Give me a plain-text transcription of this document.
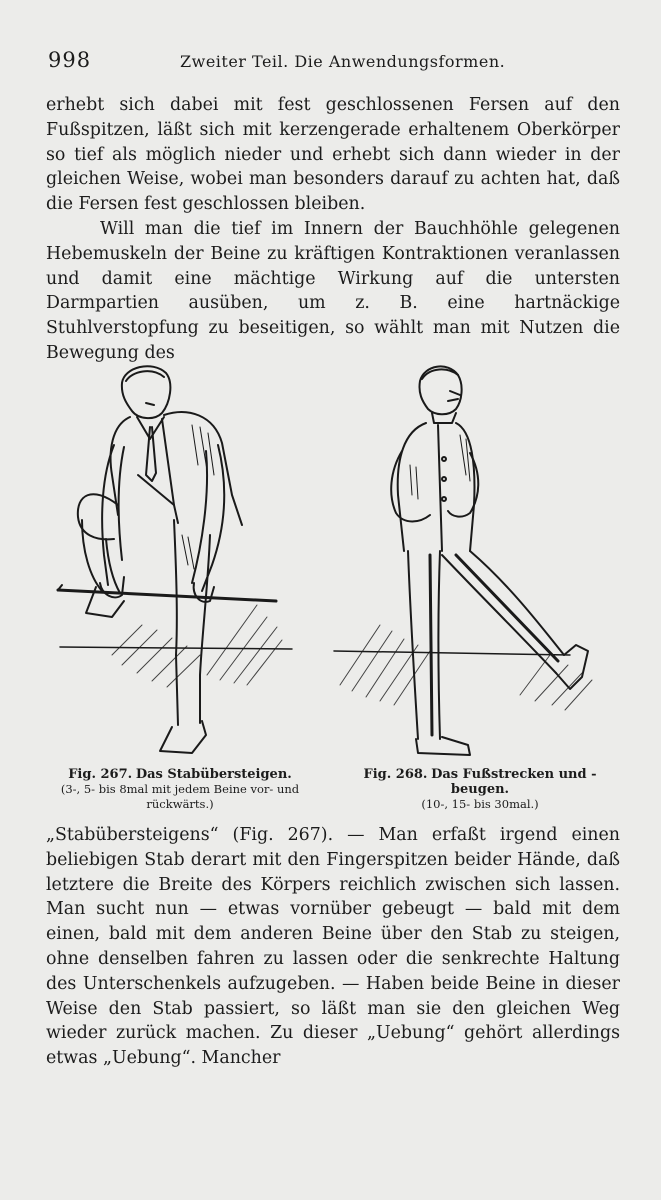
998	Zweiter Teil. Die Anwendungsformen.
erhebt sich dabei mit fest geschlossenen Fersen auf den Fußspitzen, läßt sich mit kerzengerade erhaltenem Oberkörper so tief als möglich nieder und erhebt sich dann wieder in der gleichen Weise, wobei man besonders darauf zu achten hat, daß die Fersen fest geschlossen bleiben.
Will man die tief im Innern der Bauchhöhle gelegenen Hebemuskeln der Beine zu kräftigen Kontraktionen veranlassen und damit eine mächtige Wirkung auf die untersten Darmpartien ausüben, um z. B. eine hartnäckige Stuhlverstopfung zu beseitigen, so wählt man mit Nutzen die Bewegung des
Fig. 267. Das Stabübersteigen.
(3-, 5- bis 8mal mit jedem Beine vor- und rückwärts.)
Fig. 268. Das Fußstrecken und -beugen.
(10-, 15- bis 30mal.)
„Stabübersteigens“ (Fig. 267). — Man erfaßt irgend einen beliebigen Stab derart mit den Fingerspitzen beider Hände, daß letztere die Breite des Körpers reichlich zwischen sich lassen. Man sucht nun — etwas vornüber gebeugt — bald mit dem einen, bald mit dem anderen Beine über den Stab zu steigen, ohne denselben fahren zu lassen oder die senkrechte Haltung des Unterschenkels aufzugeben. — Haben beide Beine in dieser Weise den Stab passiert, so läßt man sie den gleichen Weg wieder zurück machen. Zu dieser „Uebung“ gehört allerdings etwas „Uebung“. Mancher
